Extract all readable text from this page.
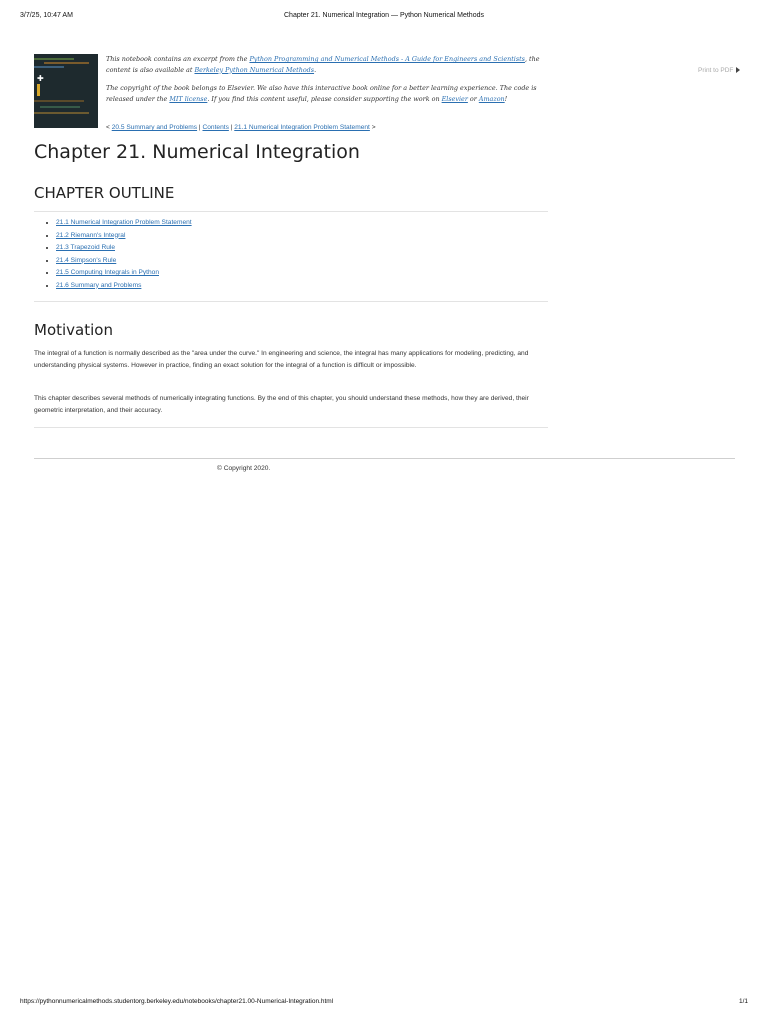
3/7/25, 10:47 AM	Chapter 21. Numerical Integration — Python Numerical Methods
✚

This notebook contains an excerpt from the Python Programming and Numerical Methods - A Guide for Engineers and Scientists, the content is also available at Berkeley Python Numerical Methods.

The copyright of the book belongs to Elsevier. We also have this interactive book online for a better learning experience. The code is released under the MIT license. If you find this content useful, please consider supporting the work on Elsevier or Amazon!

< 20.5 Summary and Problems | Contents | 21.1 Numerical Integration Problem Statement >
Print to PDF
Chapter 21. Numerical Integration
CHAPTER OUTLINE
• 21.1 Numerical Integration Problem Statement
• 21.2 Riemann's Integral
• 21.3 Trapezoid Rule
• 21.4 Simpson's Rule
• 21.5 Computing Integrals in Python
• 21.6 Summary and Problems
Motivation

The integral of a function is normally described as the "area under the curve." In engineering and science, the integral has many applications for modeling, predicting, and understanding physical systems. However in practice, finding an exact solution for the integral of a function is difficult or impossible.

This chapter describes several methods of numerically integrating functions. By the end of this chapter, you should understand these methods, how they are derived, their geometric interpretation, and their accuracy.

© Copyright 2020.
https://pythonnumericalmethods.studentorg.berkeley.edu/notebooks/chapter21.00-Numerical-Integration.html	1/1
